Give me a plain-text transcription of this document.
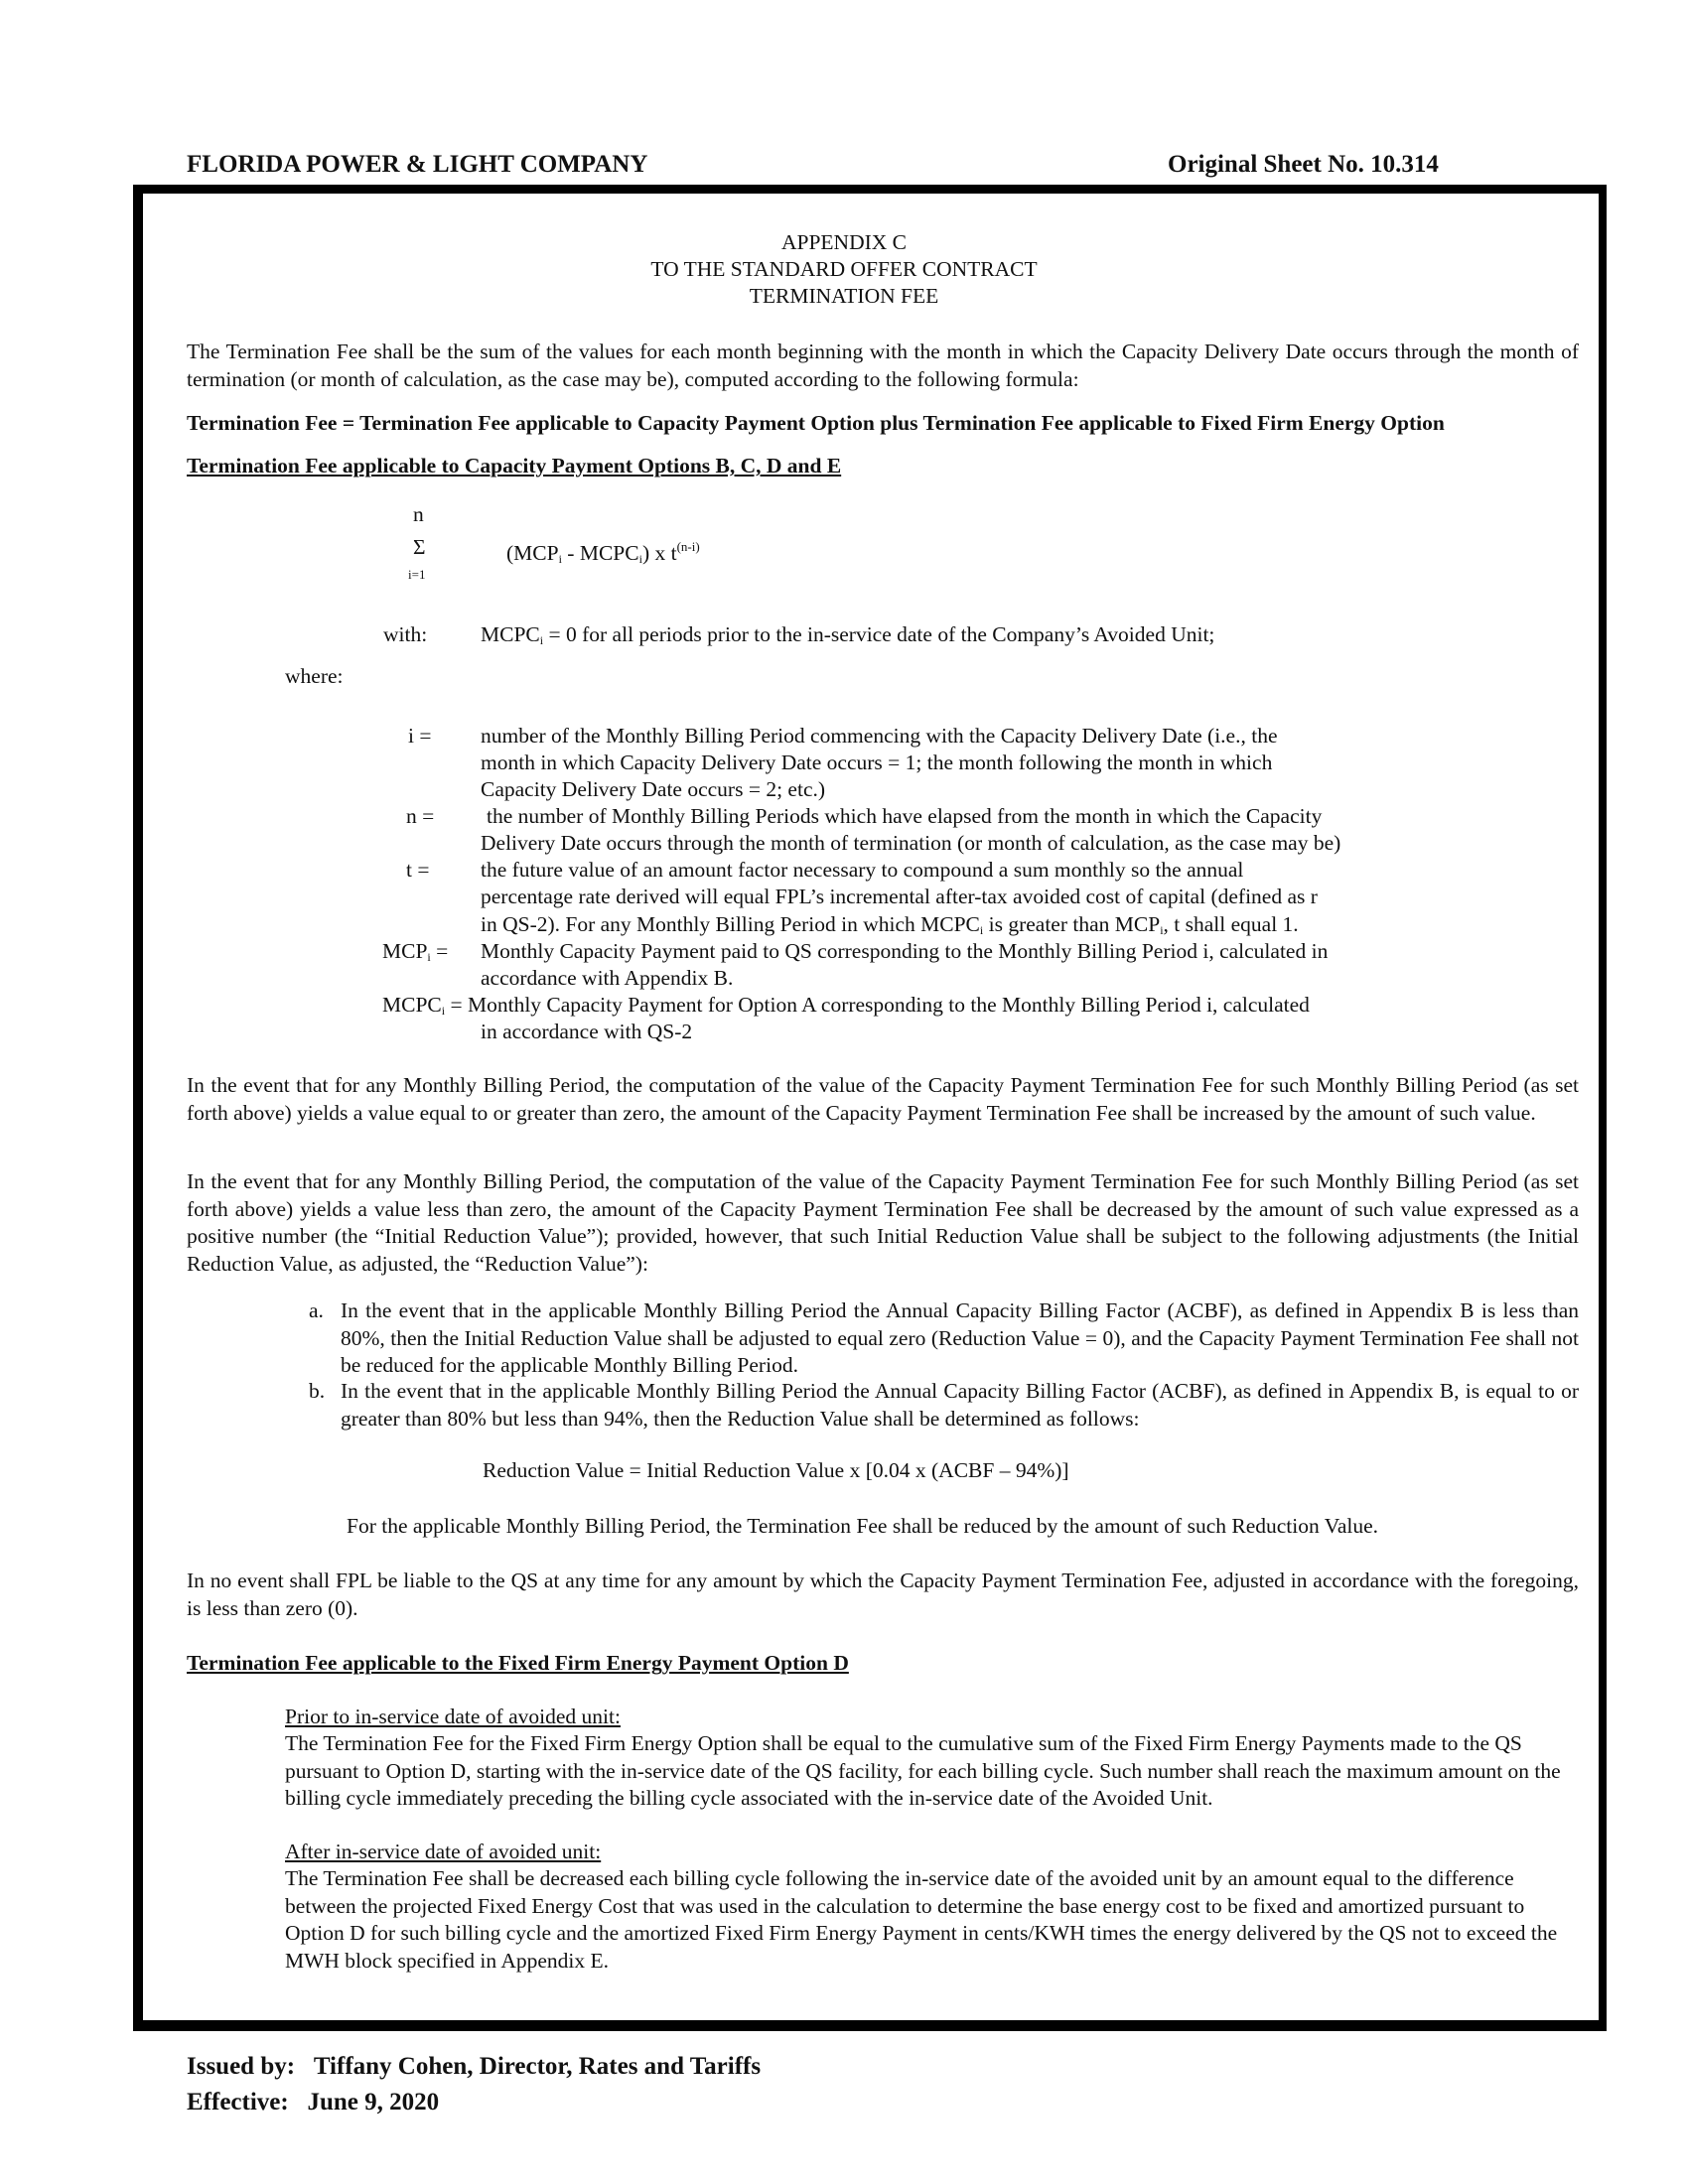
FLORIDA POWER & LIGHT COMPANY	Original Sheet No. 10.314

APPENDIX C

TO THE STANDARD OFFER CONTRACT

TERMINATION FEE

The Termination Fee shall be the sum of the values for each month beginning with the month in which the Capacity Delivery Date occurs through the month of termination (or month of calculation, as the case may be), computed according to the following formula:

Termination Fee = Termination Fee applicable to Capacity Payment Option plus Termination Fee applicable to Fixed Firm Energy Option

Termination Fee applicable to Capacity Payment Options B, C, D and E

n

Σ

i=1

($MCP_i$ - $MCPC_i$) x $t^{(n-i)}$

with:	$MCPC_i = 0$ for all periods prior to the in-service date of the Company’s Avoided Unit;

where:

i = number of the Monthly Billing Period commencing with the Capacity Delivery Date (i.e., the

month in which Capacity Delivery Date occurs = 1; the month following the month in which

Capacity Delivery Date occurs = 2; etc.)

n = the number of Monthly Billing Periods which have elapsed from the month in which the Capacity

Delivery Date occurs through the month of termination (or month of calculation, as the case may be)

t = the future value of an amount factor necessary to compound a sum monthly so the annual

percentage rate derived will equal FPL’s incremental after-tax avoided cost of capital (defined as r

in QS-2). For any Monthly Billing Period in which $MCPC_i$ is greater than $MCP_i$, t shall equal 1.

$MCP_i$ = Monthly Capacity Payment paid to QS corresponding to the Monthly Billing Period i, calculated in

accordance with Appendix B.

$MCPC_i$ = Monthly Capacity Payment for Option A corresponding to the Monthly Billing Period i, calculated

in accordance with QS-2

In the event that for any Monthly Billing Period, the computation of the value of the Capacity Payment Termination Fee for such Monthly Billing Period (as set forth above) yields a value equal to or greater than zero, the amount of the Capacity Payment Termination Fee shall be increased by the amount of such value.

In the event that for any Monthly Billing Period, the computation of the value of the Capacity Payment Termination Fee for such Monthly Billing Period (as set forth above) yields a value less than zero, the amount of the Capacity Payment Termination Fee shall be decreased by the amount of such value expressed as a positive number (the “Initial Reduction Value”); provided, however, that such Initial Reduction Value shall be subject to the following adjustments (the Initial Reduction Value, as adjusted, the “Reduction Value”):

a. In the event that in the applicable Monthly Billing Period the Annual Capacity Billing Factor (ACBF), as defined in Appendix B is less than 80%, then the Initial Reduction Value shall be adjusted to equal zero (Reduction Value = 0), and the Capacity Payment Termination Fee shall not be reduced for the applicable Monthly Billing Period.

b. In the event that in the applicable Monthly Billing Period the Annual Capacity Billing Factor (ACBF), as defined in Appendix B, is equal to or greater than 80% but less than 94%, then the Reduction Value shall be determined as follows:

Reduction Value = Initial Reduction Value x [0.04 x (ACBF – 94%)]

For the applicable Monthly Billing Period, the Termination Fee shall be reduced by the amount of such Reduction Value.

In no event shall FPL be liable to the QS at any time for any amount by which the Capacity Payment Termination Fee, adjusted in accordance with the foregoing, is less than zero (0).

Termination Fee applicable to the Fixed Firm Energy Payment Option D

Prior to in-service date of avoided unit:

The Termination Fee for the Fixed Firm Energy Option shall be equal to the cumulative sum of the Fixed Firm Energy Payments made to the QS pursuant to Option D, starting with the in-service date of the QS facility, for each billing cycle. Such number shall reach the maximum amount on the billing cycle immediately preceding the billing cycle associated with the in-service date of the Avoided Unit.

After in-service date of avoided unit:

The Termination Fee shall be decreased each billing cycle following the in-service date of the avoided unit by an amount equal to the difference between the projected Fixed Energy Cost that was used in the calculation to determine the base energy cost to be fixed and amortized pursuant to Option D for such billing cycle and the amortized Fixed Firm Energy Payment in cents/KWH times the energy delivered by the QS not to exceed the MWH block specified in Appendix E.

Issued by: Tiffany Cohen, Director, Rates and Tariffs
Effective: June 9, 2020
